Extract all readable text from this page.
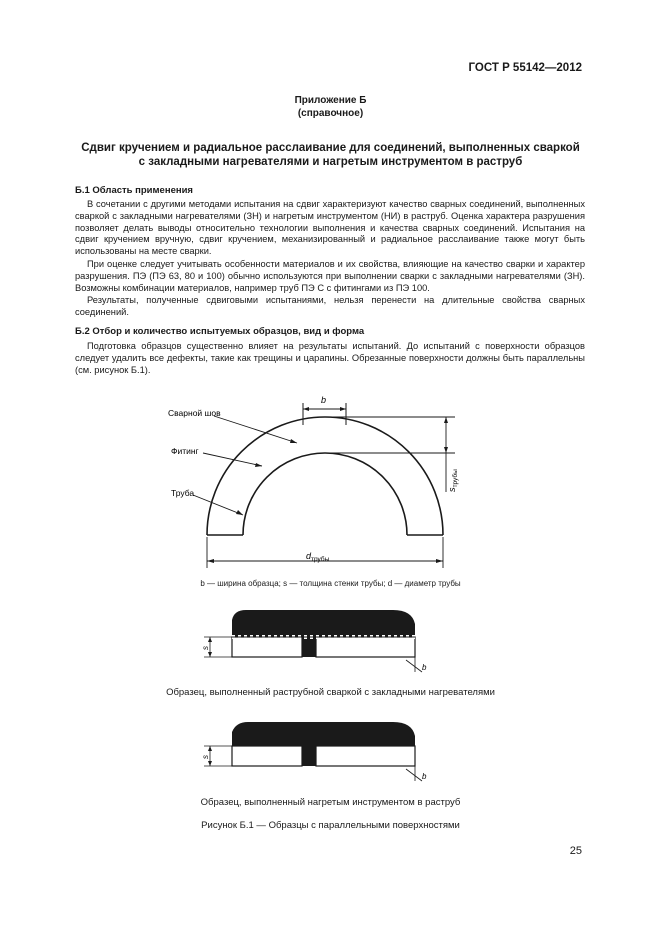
ГОСТ Р 55142—2012
Приложение Б
(справочное)
Сдвиг кручением и радиальное расслаивание для соединений, выполненных сваркой
с закладными нагревателями и нагретым инструментом в раструб
Б.1 Область применения

В сочетании с другими методами испытания на сдвиг характеризуют качество сварных соединений, выполненных сваркой с закладными нагревателями (ЗН) и нагретым инструментом (НИ) в раструб. Оценка характера разрушения позволяет делать выводы относительно технологии выполнения и качества сварных соединений. Испытания на сдвиг кручением вручную, сдвиг кручением, механизированный и радиальное расслаивание также могут быть использованы на месте сварки.

При оценке следует учитывать особенности материалов и их свойства, влияющие на качество сварки и характер разрушения. ПЭ (ПЭ 63, 80 и 100) обычно используются при выполнении сварки с закладными нагревателями (ЗН). Возможны комбинации материалов, например труб ПЭ С с фитингами из ПЭ 100.

Результаты, полученные сдвиговыми испытаниями, нельзя перенести на длительные свойства сварных соединений.

Б.2 Отбор и количество испытуемых образцов, вид и форма

Подготовка образцов существенно влияет на результаты испытаний. До испытаний с поверхности образцов следует удалить все дефекты, такие как трещины и царапины. Обрезанные поверхности должны быть параллельны (см. рисунок Б.1).

Сварной шов
Фитинг
Труба
b
$s_{трубы}$
$d_{трубы}$
b — ширина образца; s — толщина стенки трубы; d — диаметр трубы
s
b
Образец, выполненный раструбной сваркой с закладными нагревателями
s
b
Образец, выполненный нагретым инструментом в раструб
Рисунок Б.1 — Образцы с параллельными поверхностями
25
